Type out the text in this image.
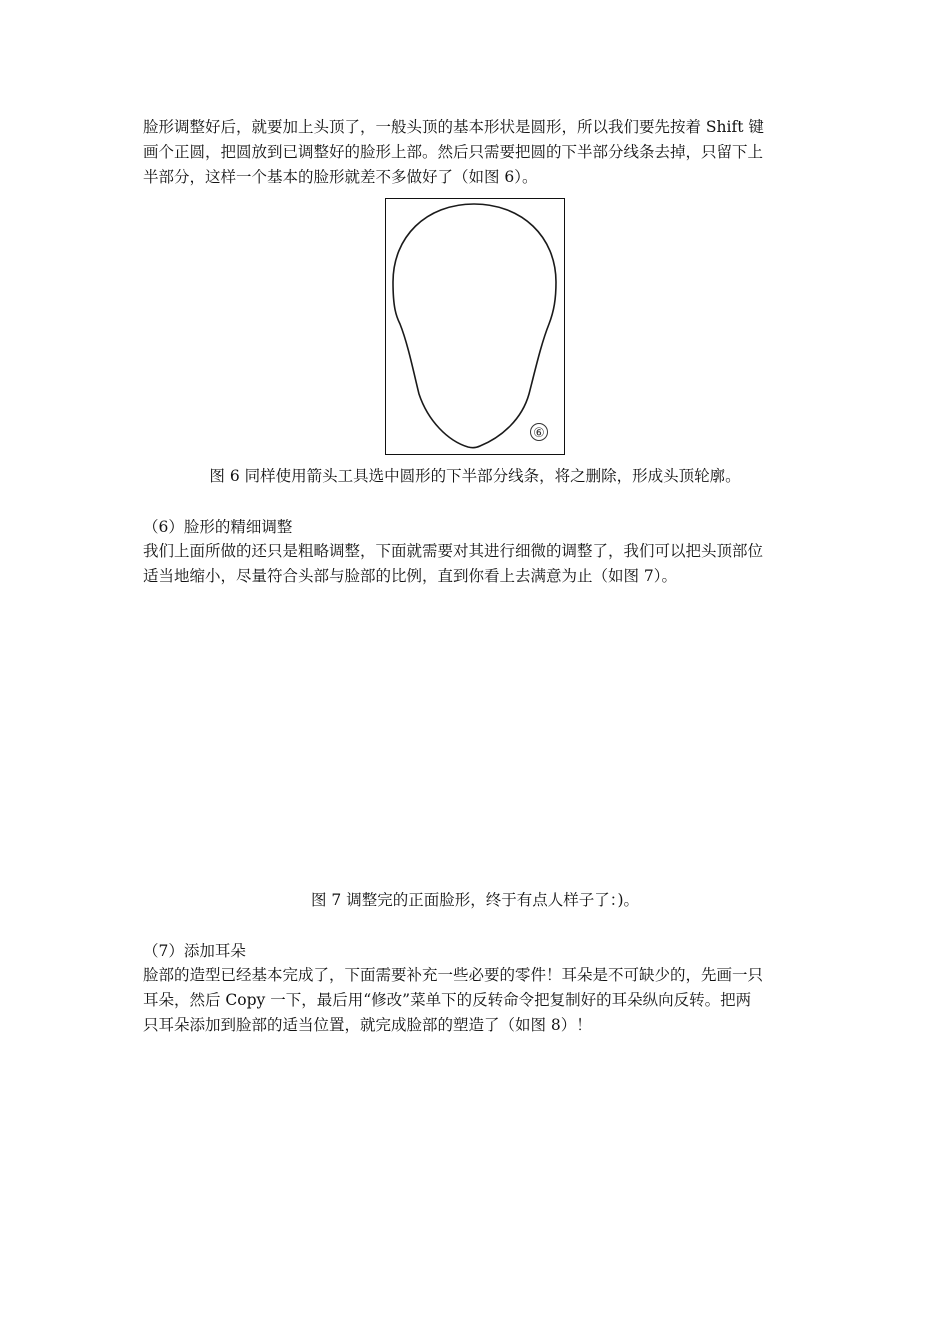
脸形调整好后，就要加上头顶了，一般头顶的基本形状是圆形，所以我们要先按着 Shift 键
画个正圆，把圆放到已调整好的脸形上部。然后只需要把圆的下半部分线条去掉，只留下上
半部分，这样一个基本的脸形就差不多做好了（如图 6）。
⑥

图 6 同样使用箭头工具选中圆形的下半部分线条，将之删除，形成头顶轮廓。

（6）脸形的精细调整

我们上面所做的还只是粗略调整，下面就需要对其进行细微的调整了，我们可以把头顶部位
适当地缩小，尽量符合头部与脸部的比例，直到你看上去满意为止（如图 7）。

图 7 调整完的正面脸形，终于有点人样子了：)。

（7）添加耳朵

脸部的造型已经基本完成了，下面需要补充一些必要的零件！耳朵是不可缺少的，先画一只
耳朵，然后 Copy 一下，最后用“修改”菜单下的反转命令把复制好的耳朵纵向反转。把两
只耳朵添加到脸部的适当位置，就完成脸部的塑造了（如图 8）！
